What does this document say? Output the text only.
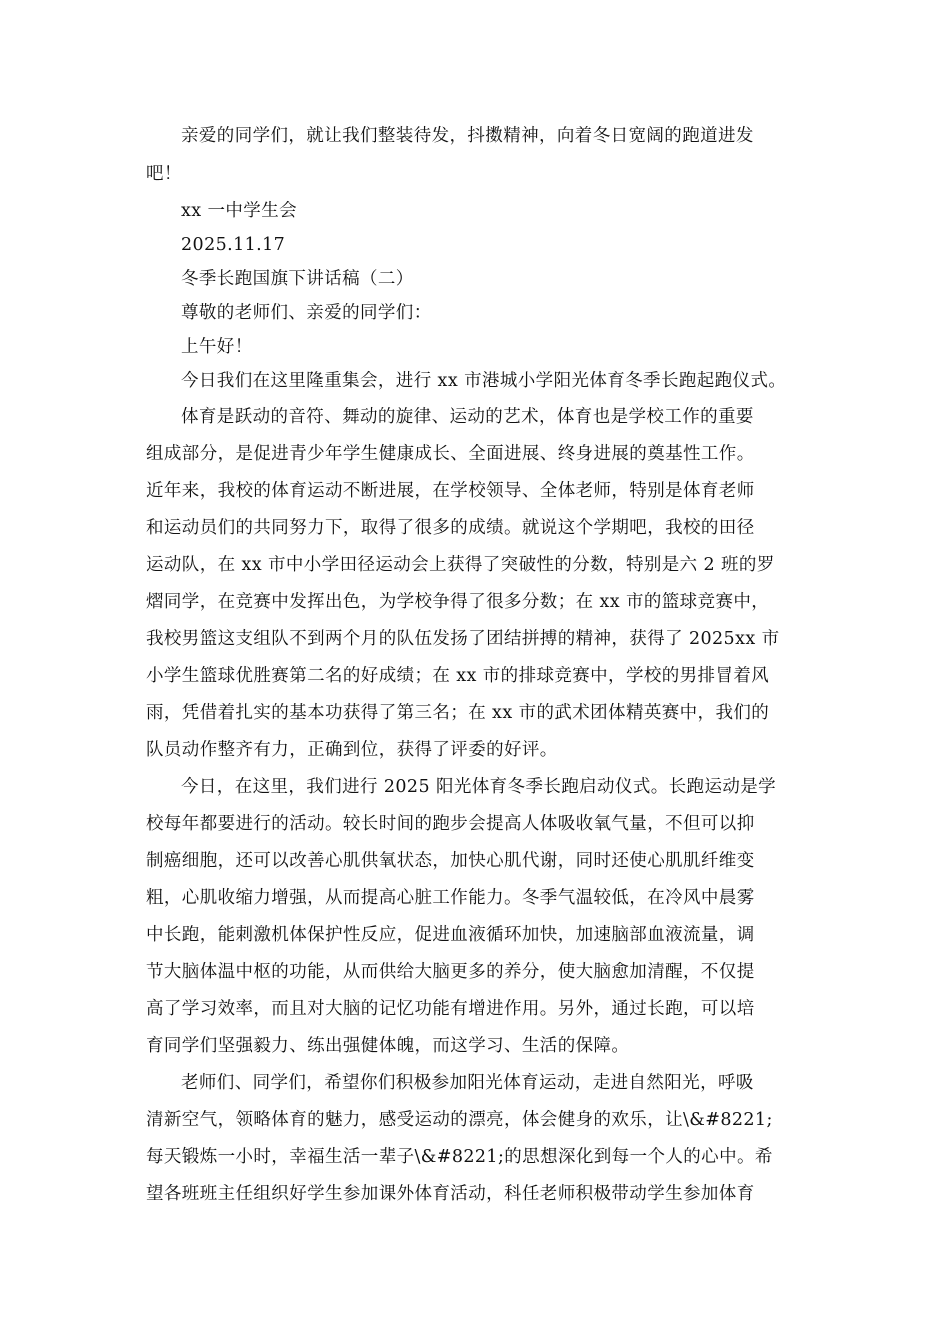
亲爱的同学们，就让我们整装待发，抖擞精神，向着冬日宽阔的跑道进发
吧！
xx 一中学生会
2025.11.17
冬季长跑国旗下讲话稿（二）
尊敬的老师们、亲爱的同学们：
上午好！
今日我们在这里隆重集会，进行 xx 市港城小学阳光体育冬季长跑起跑仪式。
体育是跃动的音符、舞动的旋律、运动的艺术，体育也是学校工作的重要
组成部分，是促进青少年学生健康成长、全面进展、终身进展的奠基性工作。
近年来，我校的体育运动不断进展，在学校领导、全体老师，特别是体育老师
和运动员们的共同努力下，取得了很多的成绩。就说这个学期吧，我校的田径
运动队，在 xx 市中小学田径运动会上获得了突破性的分数，特别是六 2 班的罗
熠同学，在竞赛中发挥出色，为学校争得了很多分数；在 xx 市的篮球竞赛中，
我校男篮这支组队不到两个月的队伍发扬了团结拼搏的精神，获得了 2025xx 市
小学生篮球优胜赛第二名的好成绩；在 xx 市的排球竞赛中，学校的男排冒着风
雨，凭借着扎实的基本功获得了第三名；在 xx 市的武术团体精英赛中，我们的
队员动作整齐有力，正确到位，获得了评委的好评。
今日，在这里，我们进行 2025 阳光体育冬季长跑启动仪式。长跑运动是学
校每年都要进行的活动。较长时间的跑步会提高人体吸收氧气量，不但可以抑
制癌细胞，还可以改善心肌供氧状态，加快心肌代谢，同时还使心肌肌纤维变
粗，心肌收缩力增强，从而提高心脏工作能力。冬季气温较低，在冷风中晨雾
中长跑，能刺激机体保护性反应，促进血液循环加快，加速脑部血液流量，调
节大脑体温中枢的功能，从而供给大脑更多的养分，使大脑愈加清醒，不仅提
高了学习效率，而且对大脑的记忆功能有增进作用。另外，通过长跑，可以培
育同学们坚强毅力、练出强健体魄，而这学习、生活的保障。
老师们、同学们，希望你们积极参加阳光体育运动，走进自然阳光，呼吸
清新空气，领略体育的魅力，感受运动的漂亮，体会健身的欢乐，让\&#8221;
每天锻炼一小时，幸福生活一辈子\&#8221;的思想深化到每一个人的心中。希
望各班班主任组织好学生参加课外体育活动，科任老师积极带动学生参加体育
